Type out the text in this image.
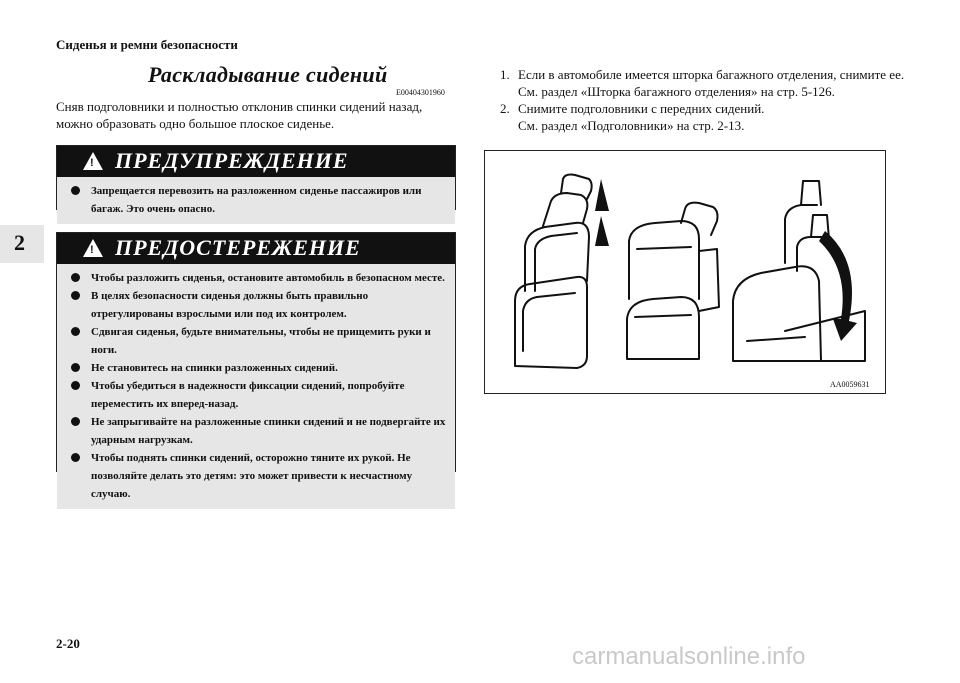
Сиденья и ремни безопасности
2
Раскладывание сидений
E00404301960
Сняв подголовники и полностью отклонив спинки сидений назад, можно образовать одно большое плоское сиденье.
! ПРЕДУПРЕЖДЕНИЕ
Запрещается перевозить на разложенном сиденье пассажиров или багаж. Это очень опасно.
! ПРЕДОСТЕРЕЖЕНИЕ
Чтобы разложить сиденья, остановите автомобиль в безопасном месте.
В целях безопасности сиденья должны быть правильно отрегулированы взрослыми или под их контролем.
Сдвигая сиденья, будьте внимательны, чтобы не прищемить руки и ноги.
Не становитесь на спинки разложенных сидений.
Чтобы убедиться в надежности фиксации сидений, попробуйте переместить их вперед-назад.
Не запрыгивайте на разложенные спинки сидений и не подвергайте их ударным нагрузкам.
Чтобы поднять спинки сидений, осторожно тяните их рукой. Не позволяйте делать это детям: это может привести к несчастному случаю.
1. Если в автомобиле имеется шторка багажного отделения, снимите ее.
См. раздел «Шторка багажного отделения» на стр. 5-126.
2. Снимите подголовники с передних сидений.
См. раздел «Подголовники» на стр. 2-13.
AA0059631
2-20	carmanualsonline.info
